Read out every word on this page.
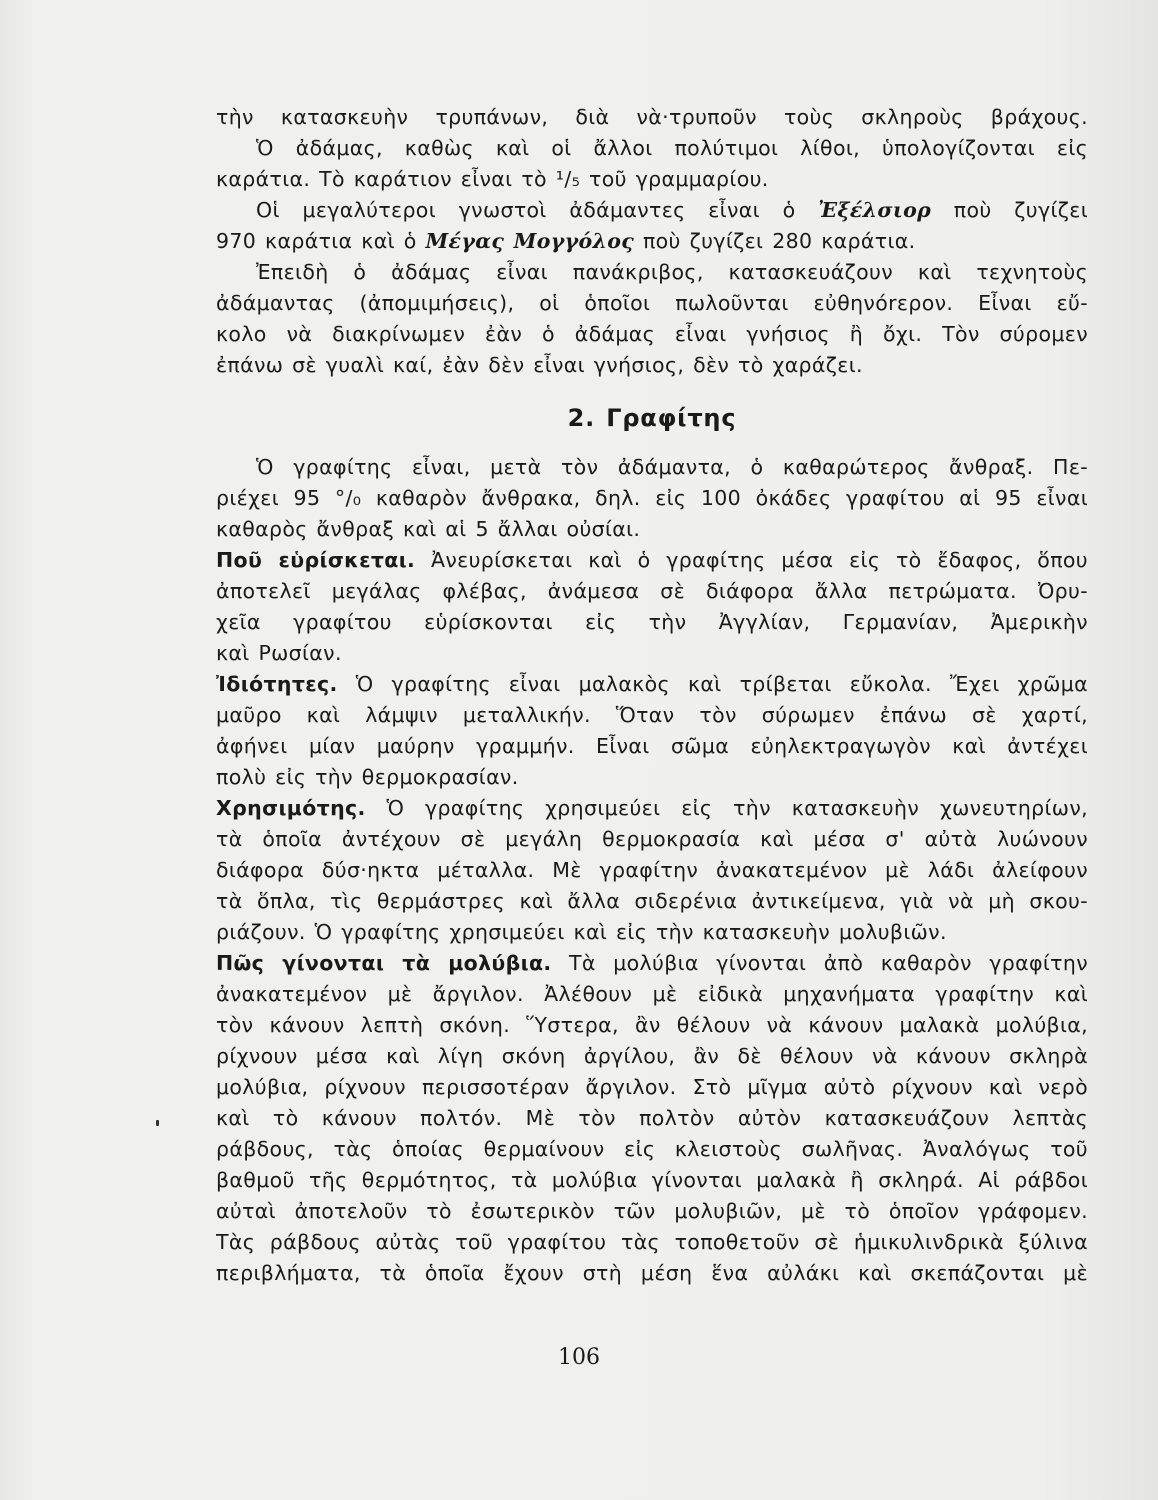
τὴν κατασκευὴν τρυπάνων, διὰ νὰ·τρυποῦν τοὺς σκληροὺς βράχους.
Ὁ ἀδάμας, καθὼς καὶ οἱ ἄλλοι πολύτιμοι λίθοι, ὑπολογίζονται εἰς
καράτια. Τὸ καράτιον εἶναι τὸ ¹/₅ τοῦ γραμμαρίου.
Οἱ μεγαλύτεροι γνωστοὶ ἀδάμαντες εἶναι ὁ Ἐξέλσιορ ποὺ ζυγίζει
970 καράτια καὶ ὁ Μέγας Μογγόλος ποὺ ζυγίζει 280 καράτια.
Ἐπειδὴ ὁ ἀδάμας εἶναι πανάκριβος, κατασκευάζουν καὶ τεχνητοὺς
ἀδάμαντας (ἀπομιμήσεις), οἱ ὁποῖοι πωλοῦνται εὐθηνόrερον. Εἶναι εὔ-
κολο νὰ διακρίνωμεν ἐὰν ὁ ἀδάμας εἶναι γνήσιος ἢ ὄχι. Τὸν σύρομεν
ἐπάνω σὲ γυαλὶ καί, ἐὰν δὲν εἶναι γνήσιος, δὲν τὸ χαράζει.
2. Γραφίτης
Ὁ γραφίτης εἶναι, μετὰ τὸν ἀδάμαντα, ὁ καθαρώτερος ἄνθραξ. Πε-
ριέχει 95 °/₀ καθαρὸν ἄνθρακα, δηλ. εἰς 100 ὀκάδες γραφίτου αἱ 95 εἶναι
καθαρὸς ἄνθραξ καὶ αἱ 5 ἄλλαι οὐσίαι.
Ποῦ εὑρίσκεται. Ἀνευρίσκεται καὶ ὁ γραφίτης μέσα εἰς τὸ ἔδαφος, ὅπου
ἀποτελεῖ μεγάλας φλέβας, ἀνάμεσα σὲ διάφορα ἄλλα πετρώματα. Ὀρυ-
χεῖα γραφίτου εὑρίσκονται εἰς τὴν Ἀγγλίαν, Γερμανίαν, Ἀμερικὴν
καὶ Ρωσίαν.
Ἰδιότητες. Ὁ γραφίτης εἶναι μαλακὸς καὶ τρίβεται εὔκολα. Ἔχει χρῶμα
μαῦρο καὶ λάμψιν μεταλλικήν. Ὅταν τὸν σύρωμεν ἐπάνω σὲ χαρτί,
ἀφήνει μίαν μαύρην γραμμήν. Εἶναι σῶμα εὐηλεκτραγωγὸν καὶ ἀντέχει
πολὺ εἰς τὴν θερμοκρασίαν.
Χρησιμότης. Ὁ γραφίτης χρησιμεύει εἰς τὴν κατασκευὴν χωνευτηρίων,
τὰ ὁποῖα ἀντέχουν σὲ μεγάλη θερμοκρασία καὶ μέσα σ' αὐτὰ λυώνουν
διάφορα δύσ·ηκτα μέταλλα. Μὲ γραφίτην ἀνακατεμένον μὲ λάδι ἀλείφουν
τὰ ὅπλα, τὶς θερμάστρες καὶ ἄλλα σιδερένια ἀντικείμενα, γιὰ νὰ μὴ σκου-
ριάζουν. Ὁ γραφίτης χρησιμεύει καὶ εἰς τὴν κατασκευὴν μολυβιῶν.
Πῶς γίνονται τὰ μολύβια. Τὰ μολύβια γίνονται ἀπὸ καθαρὸν γραφίτην
ἀνακατεμένον μὲ ἄργιλον. Ἀλέθουν μὲ εἰδικὰ μηχανήματα γραφίτην καὶ
τὸν κάνουν λεπτὴ σκόνη. Ὕστερα, ἂν θέλουν νὰ κάνουν μαλακὰ μολύβια,
ρίχνουν μέσα καὶ λίγη σκόνη ἀργίλου, ἂν δὲ θέλουν νὰ κάνουν σκληρὰ
μολύβια, ρίχνουν περισσοτέραν ἄργιλον. Στὸ μῖγμα αὐτὸ ρίχνουν καὶ νερὸ
καὶ τὸ κάνουν πολτόν. Μὲ τὸν πολτὸν αὐτὸν κατασκευάζουν λεπτὰς
ράβδους, τὰς ὁποίας θερμαίνουν εἰς κλειστοὺς σωλῆνας. Ἀναλόγως τοῦ
βαθμοῦ τῆς θερμότητος, τὰ μολύβια γίνονται μαλακὰ ἢ σκληρά. Αἱ ράβδοι
αὐταὶ ἀποτελοῦν τὸ ἐσωτερικὸν τῶν μολυβιῶν, μὲ τὸ ὁποῖον γράφομεν.
Τὰς ράβδους αὐτὰς τοῦ γραφίτου τὰς τοποθετοῦν σὲ ἡμικυλινδρικὰ ξύλινα
περιβλήματα, τὰ ὁποῖα ἔχουν στὴ μέση ἕνα αὐλάκι καὶ σκεπάζονται μὲ
106
